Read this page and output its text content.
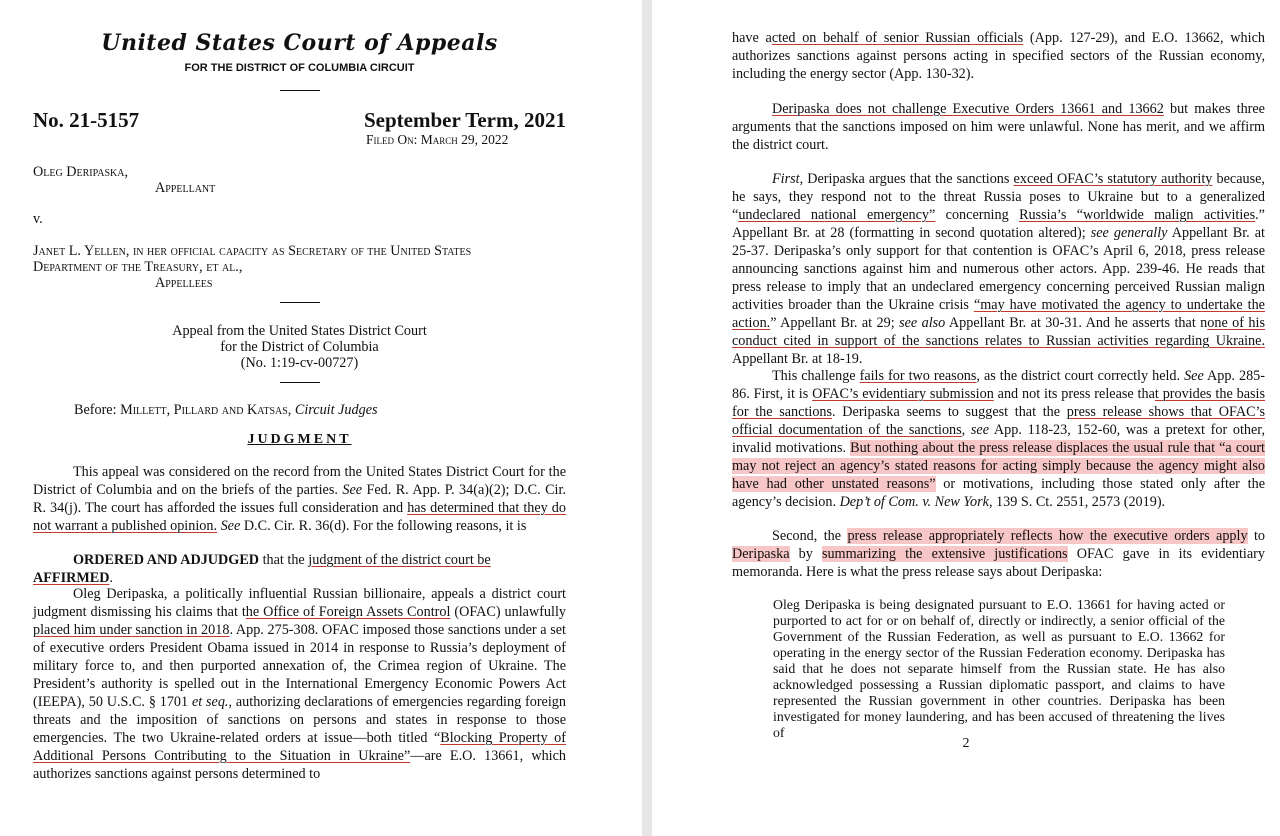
United States Court of Appeals
FOR THE DISTRICT OF COLUMBIA CIRCUIT
No. 21-5157	September Term, 2021
Filed On: March 29, 2022
Oleg Deripaska,
Appellant
v.
Janet L. Yellen, in her official capacity as Secretary of the United States
Department of the Treasury, et al.,
Appellees
Appeal from the United States District Court
for the District of Columbia
(No. 1:19-cv-00727)
Before: Millett, Pillard and Katsas, Circuit Judges
JUDGMENT
This appeal was considered on the record from the United States District Court for the District of Columbia and on the briefs of the parties. See Fed. R. App. P. 34(a)(2); D.C. Cir. R. 34(j). The court has afforded the issues full consideration and has determined that they do not warrant a published opinion. See D.C. Cir. R. 36(d). For the following reasons, it is
ORDERED AND ADJUDGED that the judgment of the district court be AFFIRMED.
Oleg Deripaska, a politically influential Russian billionaire, appeals a district court judgment dismissing his claims that the Office of Foreign Assets Control (OFAC) unlawfully placed him under sanction in 2018. App. 275-308. OFAC imposed those sanctions under a set of executive orders President Obama issued in 2014 in response to Russia’s deployment of military force to, and then purported annexation of, the Crimea region of Ukraine. The President’s authority is spelled out in the International Emergency Economic Powers Act (IEEPA), 50 U.S.C. § 1701 et seq., authorizing declarations of emergencies regarding foreign threats and the imposition of sanctions on persons and states in response to those emergencies. The two Ukraine-related orders at issue—both titled “Blocking Property of Additional Persons Contributing to the Situation in Ukraine”—are E.O. 13661, which authorizes sanctions against persons determined to
have acted on behalf of senior Russian officials (App. 127-29), and E.O. 13662, which authorizes sanctions against persons acting in specified sectors of the Russian economy, including the energy sector (App. 130-32).
Deripaska does not challenge Executive Orders 13661 and 13662 but makes three arguments that the sanctions imposed on him were unlawful. None has merit, and we affirm the district court.
First, Deripaska argues that the sanctions exceed OFAC’s statutory authority because, he says, they respond not to the threat Russia poses to Ukraine but to a generalized “undeclared national emergency” concerning Russia’s “worldwide malign activities.” Appellant Br. at 28 (formatting in second quotation altered); see generally Appellant Br. at 25-37. Deripaska’s only support for that contention is OFAC’s April 6, 2018, press release announcing sanctions against him and numerous other actors. App. 239-46. He reads that press release to imply that an undeclared emergency concerning perceived Russian malign activities broader than the Ukraine crisis “may have motivated the agency to undertake the action.” Appellant Br. at 29; see also Appellant Br. at 30-31. And he asserts that none of his conduct cited in support of the sanctions relates to Russian activities regarding Ukraine. Appellant Br. at 18-19.
This challenge fails for two reasons, as the district court correctly held. See App. 285-86. First, it is OFAC’s evidentiary submission and not its press release that provides the basis for the sanctions. Deripaska seems to suggest that the press release shows that OFAC’s official documentation of the sanctions, see App. 118-23, 152-60, was a pretext for other, invalid motivations. But nothing about the press release displaces the usual rule that “a court may not reject an agency’s stated reasons for acting simply because the agency might also have had other unstated reasons” or motivations, including those stated only after the agency’s decision. Dep’t of Com. v. New York, 139 S. Ct. 2551, 2573 (2019).
Second, the press release appropriately reflects how the executive orders apply to Deripaska by summarizing the extensive justifications OFAC gave in its evidentiary memoranda. Here is what the press release says about Deripaska:
Oleg Deripaska is being designated pursuant to E.O. 13661 for having acted or purported to act for or on behalf of, directly or indirectly, a senior official of the Government of the Russian Federation, as well as pursuant to E.O. 13662 for operating in the energy sector of the Russian Federation economy. Deripaska has said that he does not separate himself from the Russian state. He has also acknowledged possessing a Russian diplomatic passport, and claims to have represented the Russian government in other countries. Deripaska has been investigated for money laundering, and has been accused of threatening the lives of
2
